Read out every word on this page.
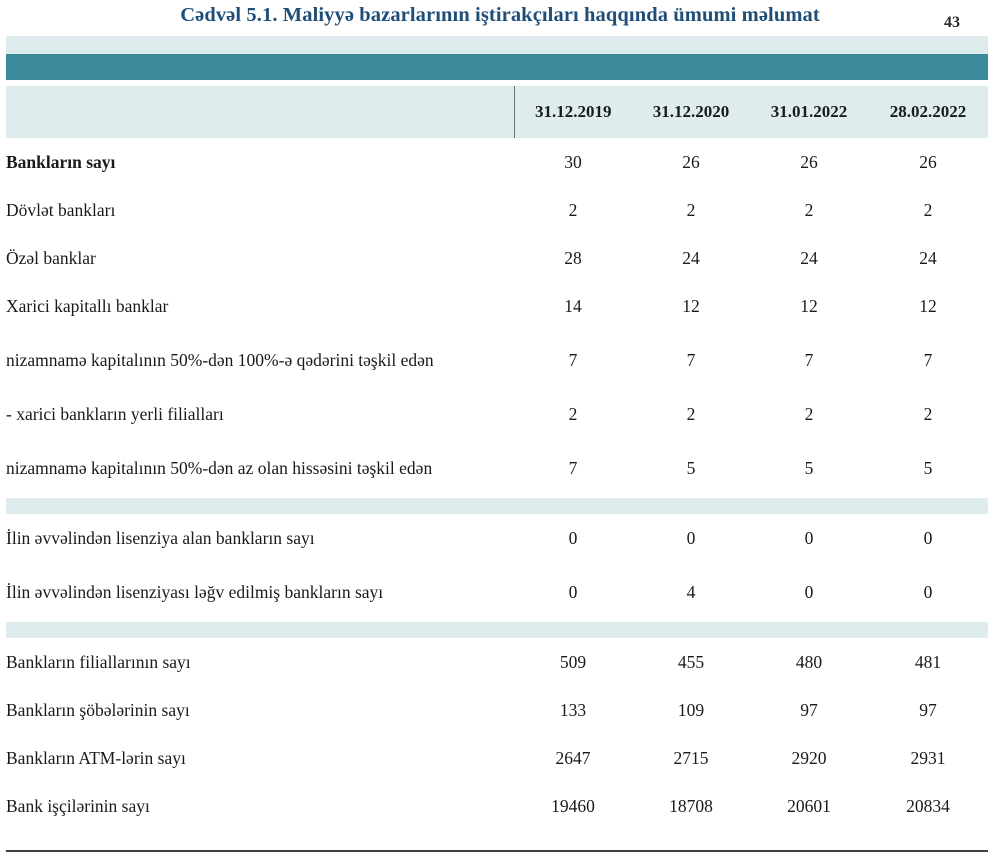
Cədvəl 5.1. Maliyyə bazarlarının iştirakçıları haqqında ümumi məlumat	43
	31.12.2019	31.12.2020	31.01.2022	28.02.2022
Bankların sayı	30	26	26	26
Dövlət bankları	2	2	2	2
Özəl banklar	28	24	24	24
Xarici kapitallı banklar	14	12	12	12
nizamnamə kapitalının 50%-dən 100%-ə qədərini təşkil edən	7	7	7	7
- xarici bankların yerli filialları	2	2	2	2
nizamnamə kapitalının 50%-dən az olan hissəsini təşkil edən	7	5	5	5

İlin əvvəlindən lisenziya alan bankların sayı	0	0	0	0
İlin əvvəlindən lisenziyası ləğv edilmiş bankların sayı	0	4	0	0

Bankların filiallarının sayı	509	455	480	481
Bankların şöbələrinin sayı	133	109	97	97
Bankların ATM-lərin sayı	2647	2715	2920	2931
Bank işçilərinin sayı	19460	18708	20601	20834
